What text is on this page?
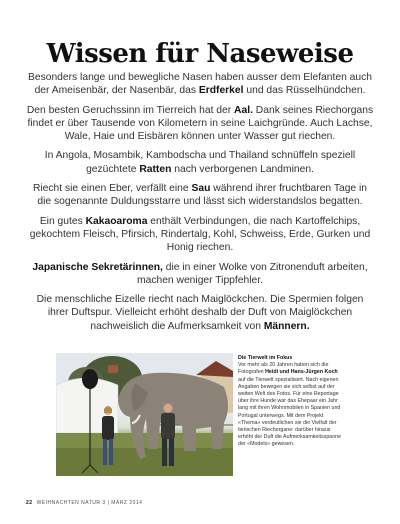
Wissen für Naseweise

Besonders lange und bewegliche Nasen haben ausser dem Elefanten auch der Ameisenbär, der Nasenbär, das Erdferkel und das Rüsselhündchen.

Den besten Geruchssinn im Tierreich hat der Aal. Dank seines Riechorgans findet er über Tausende von Kilometern in seine Laichgründe. Auch Lachse, Wale, Haie und Eisbären können unter Wasser gut riechen.

In Angola, Mosambik, Kambodscha und Thailand schnüffeln speziell gezüchtete Ratten nach verborgenen Landminen.

Riecht sie einen Eber, verfällt eine Sau während ihrer fruchtbaren Tage in die sogenannte Duldungsstarre und lässt sich widerstandslos begatten.

Ein gutes Kakaoaroma enthält Verbindungen, die nach Kartoffelchips, gekochtem Fleisch, Pfirsich, Rindertalg, Kohl, Schweiss, Erde, Gurken und Honig riechen.

Japanische Sekretärinnen, die in einer Wolke von Zitronenduft arbeiten, machen weniger Tippfehler.

Die menschliche Eizelle riecht nach Maiglöckchen. Die Spermien folgen ihrer Duftspur. Vielleicht erhöht deshalb der Duft von Maiglöckchen nachweislich die Aufmerksamkeit von Männern.

Die Tierwelt im Fokus
Vor mehr als 20 Jahren haben sich die Fotografen Heidi und Hans-Jürgen Koch auf die Tierwelt spezialisiert. Nach eigenen Angaben bewegen sie sich selbst auf der weiten Welt des Fotos. Für eine Reportage über ihre Hunde war das Ehepaar ein Jahr lang mit ihren Wohnmobilen in Spanien und Portugal unterwegs. Mit dem Projekt «Thema» verdeutlichen sie die Vielfalt der tierischen Riechorgane: darüber hinaus erhöht der Duft die Aufmerksamkeitsspanne der «Models» gewesen.
22 WEIHNACHTEN NATUR 3 | MÄRZ 2014
